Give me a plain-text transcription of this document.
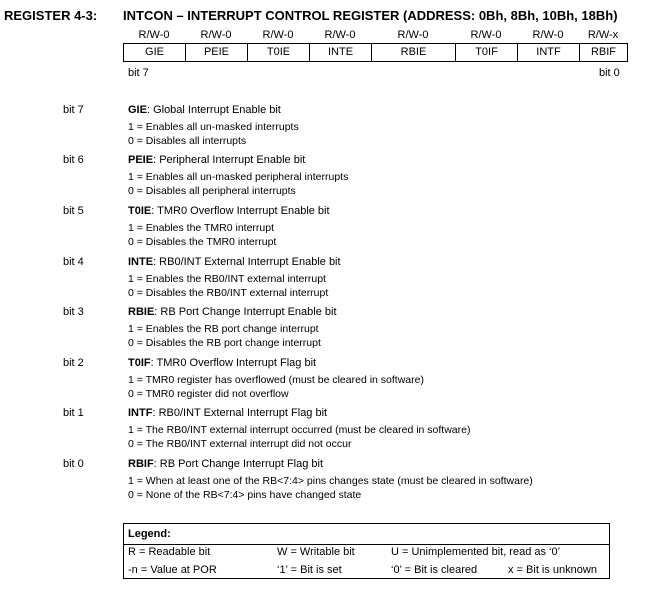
REGISTER 4-3: INTCON – INTERRUPT CONTROL REGISTER (ADDRESS: 0Bh, 8Bh, 10Bh, 18Bh)
R/W-0	R/W-0	R/W-0	R/W-0	R/W-0	R/W-0	R/W-0	R/W-x
GIE	PEIE	T0IE	INTE	RBIE	T0IF	INTF	RBIF
bit 7	bit 0
bit 7	GIE: Global Interrupt Enable bit
1 = Enables all un-masked interrupts
0 = Disables all interrupts
bit 6	PEIE: Peripheral Interrupt Enable bit
1 = Enables all un-masked peripheral interrupts
0 = Disables all peripheral interrupts
bit 5	T0IE: TMR0 Overflow Interrupt Enable bit
1 = Enables the TMR0 interrupt
0 = Disables the TMR0 interrupt
bit 4	INTE: RB0/INT External Interrupt Enable bit
1 = Enables the RB0/INT external interrupt
0 = Disables the RB0/INT external interrupt
bit 3	RBIE: RB Port Change Interrupt Enable bit
1 = Enables the RB port change interrupt
0 = Disables the RB port change interrupt
bit 2	T0IF: TMR0 Overflow Interrupt Flag bit
1 = TMR0 register has overflowed (must be cleared in software)
0 = TMR0 register did not overflow
bit 1	INTF: RB0/INT External Interrupt Flag bit
1 = The RB0/INT external interrupt occurred (must be cleared in software)
0 = The RB0/INT external interrupt did not occur
bit 0	RBIF: RB Port Change Interrupt Flag bit
1 = When at least one of the RB<7:4> pins changes state (must be cleared in software)
0 = None of the RB<7:4> pins have changed state
Legend:
R = Readable bit	W = Writable bit	U = Unimplemented bit, read as ‘0’
-n = Value at POR	‘1’ = Bit is set	‘0’ = Bit is cleared	x = Bit is unknown
